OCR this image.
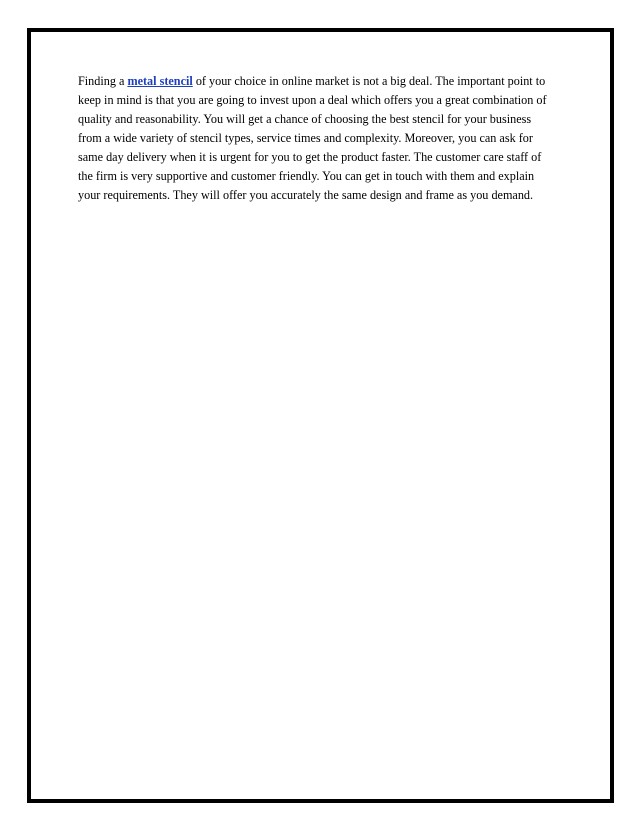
Finding a metal stencil of your choice in online market is not a big deal. The important point to
keep in mind is that you are going to invest upon a deal which offers you a great combination of
quality and reasonability. You will get a chance of choosing the best stencil for your business
from a wide variety of stencil types, service times and complexity. Moreover, you can ask for
same day delivery when it is urgent for you to get the product faster. The customer care staff of
the firm is very supportive and customer friendly. You can get in touch with them and explain
your requirements. They will offer you accurately the same design and frame as you demand.
